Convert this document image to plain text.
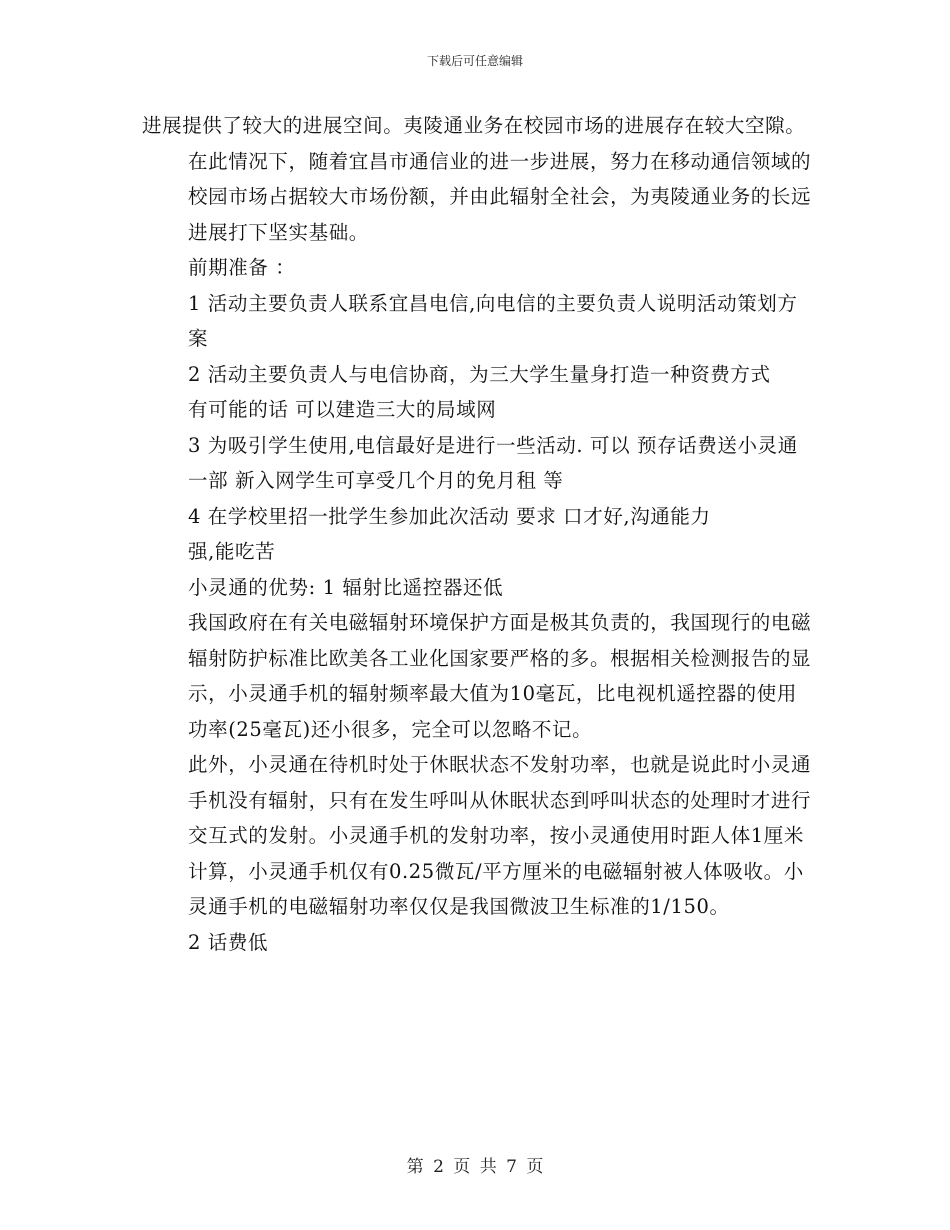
下载后可任意编辑

进展提供了较大的进展空间。夷陵通业务在校园市场的进展存在较大空隙。

在此情况下，随着宜昌市通信业的进一步进展，努力在移动通信领域的校园市场占据较大市场份额，并由此辐射全社会，为夷陵通业务的长远进展打下坚实基础。

前期准备 ：

1 活动主要负责人联系宜昌电信,向电信的主要负责人说明活动策划方案

2 活动主要负责人与电信协商，为三大学生量身打造一种资费方式

有可能的话 可以建造三大的局域网

3 为吸引学生使用,电信最好是进行一些活动. 可以 预存话费送小灵通一部 新入网学生可享受几个月的免月租 等

4 在学校里招一批学生参加此次活动 要求 口才好,沟通能力

强,能吃苦

小灵通的优势: 1 辐射比遥控器还低

我国政府在有关电磁辐射环境保护方面是极其负责的，我国现行的电磁辐射防护标准比欧美各工业化国家要严格的多。根据相关检测报告的显示，小灵通手机的辐射频率最大值为10毫瓦，比电视机遥控器的使用功率(25毫瓦)还小很多，完全可以忽略不记。

此外，小灵通在待机时处于休眠状态不发射功率，也就是说此时小灵通手机没有辐射，只有在发生呼叫从休眠状态到呼叫状态的处理时才进行交互式的发射。小灵通手机的发射功率，按小灵通使用时距人体1厘米计算，小灵通手机仅有0.25微瓦/平方厘米的电磁辐射被人体吸收。小灵通手机的电磁辐射功率仅仅是我国微波卫生标准的1/150。

2 话费低

第 2 页 共 7 页
